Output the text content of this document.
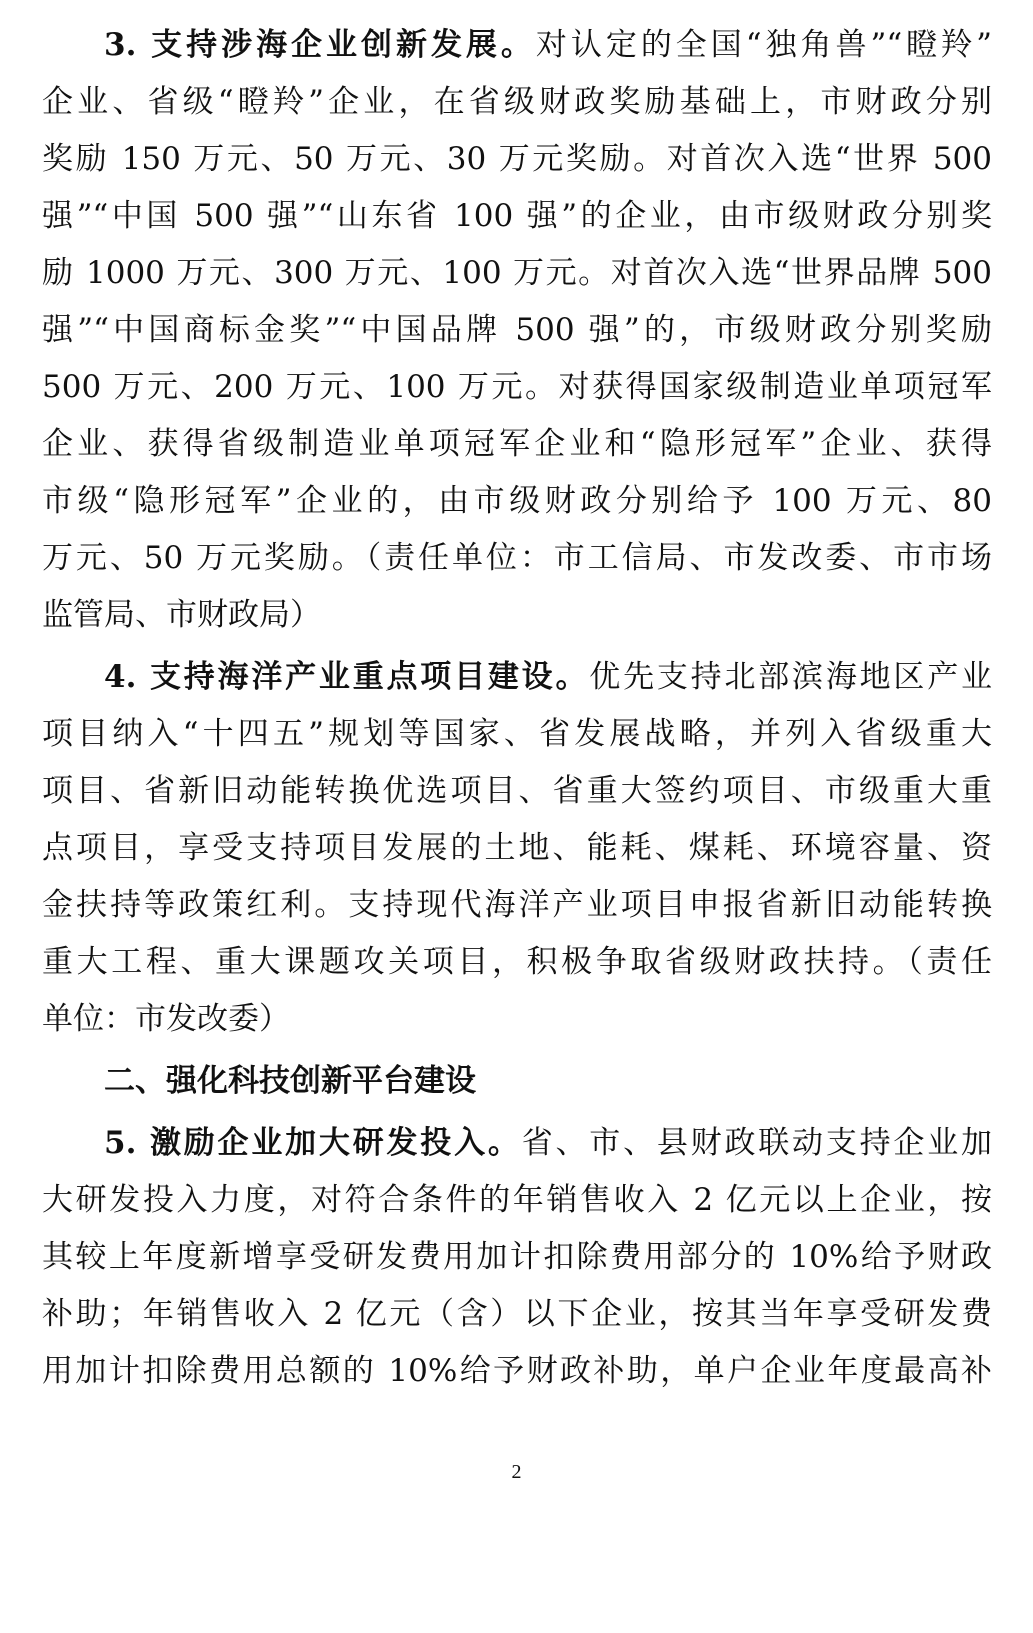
3. 支持涉海企业创新发展。对认定的全国“独角兽”“瞪羚”
企业、省级“瞪羚”企业，在省级财政奖励基础上，市财政分别
奖励 150 万元、50 万元、30 万元奖励。对首次入选“世界 500
强”“中国 500 强”“山东省 100 强”的企业，由市级财政分别奖
励 1000 万元、300 万元、100 万元。对首次入选“世界品牌 500
强”“中国商标金奖”“中国品牌 500 强”的，市级财政分别奖励
500 万元、200 万元、100 万元。对获得国家级制造业单项冠军
企业、获得省级制造业单项冠军企业和“隐形冠军”企业、获得
市级“隐形冠军”企业的，由市级财政分别给予 100 万元、80
万元、50 万元奖励。（责任单位：市工信局、市发改委、市市场
监管局、市财政局）
4. 支持海洋产业重点项目建设。优先支持北部滨海地区产业
项目纳入“十四五”规划等国家、省发展战略，并列入省级重大
项目、省新旧动能转换优选项目、省重大签约项目、市级重大重
点项目，享受支持项目发展的土地、能耗、煤耗、环境容量、资
金扶持等政策红利。支持现代海洋产业项目申报省新旧动能转换
重大工程、重大课题攻关项目，积极争取省级财政扶持。（责任
单位：市发改委）
二、强化科技创新平台建设
5. 激励企业加大研发投入。省、市、县财政联动支持企业加
大研发投入力度，对符合条件的年销售收入 2 亿元以上企业，按
其较上年度新增享受研发费用加计扣除费用部分的 10%给予财政
补助；年销售收入 2 亿元（含）以下企业，按其当年享受研发费
用加计扣除费用总额的 10%给予财政补助，单户企业年度最高补
2
